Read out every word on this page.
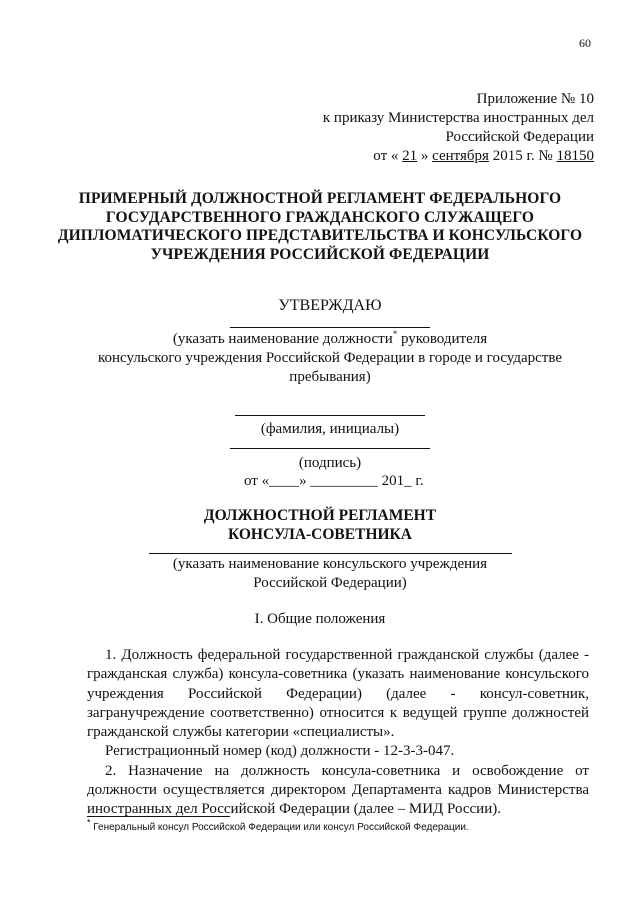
60
Приложение № 10
к приказу Министерства иностранных дел
Российской Федерации
от « 21 » сентября 2015 г. № 18150
ПРИМЕРНЫЙ ДОЛЖНОСТНОЙ РЕГЛАМЕНТ ФЕДЕРАЛЬНОГО
ГОСУДАРСТВЕННОГО ГРАЖДАНСКОГО СЛУЖАЩЕГО
ДИПЛОМАТИЧЕСКОГО ПРЕДСТАВИТЕЛЬСТВА И КОНСУЛЬСКОГО
УЧРЕЖДЕНИЯ РОССИЙСКОЙ ФЕДЕРАЦИИ
УТВЕРЖДАЮ
(указать наименование должности* руководителя
консульского учреждения Российской Федерации в городе и государстве
пребывания)
(фамилия, инициалы)
(подпись)
от «____» _________ 201_ г.
ДОЛЖНОСТНОЙ РЕГЛАМЕНТ
КОНСУЛА-СОВЕТНИКА
(указать наименование консульского учреждения
Российской Федерации)
I. Общие положения

1. Должность федеральной государственной гражданской службы (далее - гражданская служба) консула-советника (указать наименование консульского учреждения Российской Федерации) (далее - консул-советник, загранучреждение соответственно) относится к ведущей группе должностей гражданской службы категории «специалисты».

Регистрационный номер (код) должности - 12-3-3-047.

2. Назначение на должность консула-советника и освобождение от должности осуществляется директором Департамента кадров Министерства иностранных дел Российской Федерации (далее – МИД России).

* Генеральный консул Российской Федерации или консул Российской Федерации.
